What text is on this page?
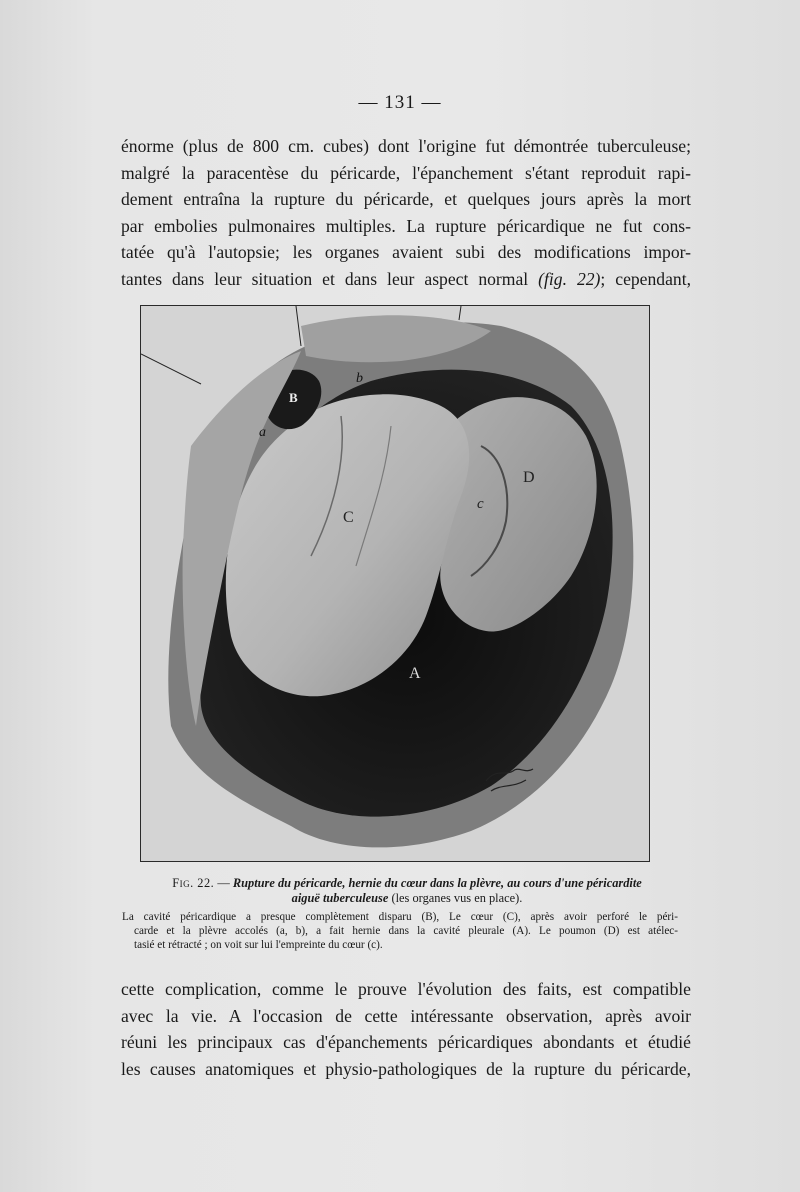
— 131 —

énorme (plus de 800 cm. cubes) dont l'origine fut démontrée tuberculeuse;
malgré la paracentèse du péricarde, l'épanchement s'étant reproduit rapi-
dement entraîna la rupture du péricarde, et quelques jours après la mort
par embolies pulmonaires multiples. La rupture péricardique ne fut cons-
tatée qu'à l'autopsie; les organes avaient subi des modifications impor-
tantes dans leur situation et dans leur aspect normal (fig. 22); cependant,

a
b
B
C
c
D
A
Fig. 22. — Rupture du péricarde, hernie du cœur dans la plèvre, au cours d'une péricardite
aiguë tuberculeuse (les organes vus en place).
La cavité péricardique a presque complètement disparu (B), Le cœur (C), après avoir perforé le péri-
carde et la plèvre accolés (a, b), a fait hernie dans la cavité pleurale (A). Le poumon (D) est atélec-
tasié et rétracté ; on voit sur lui l'empreinte du cœur (c).

cette complication, comme le prouve l'évolution des faits, est compatible
avec la vie. A l'occasion de cette intéressante observation, après avoir
réuni les principaux cas d'épanchements péricardiques abondants et étudié
les causes anatomiques et physio-pathologiques de la rupture du péricarde,
